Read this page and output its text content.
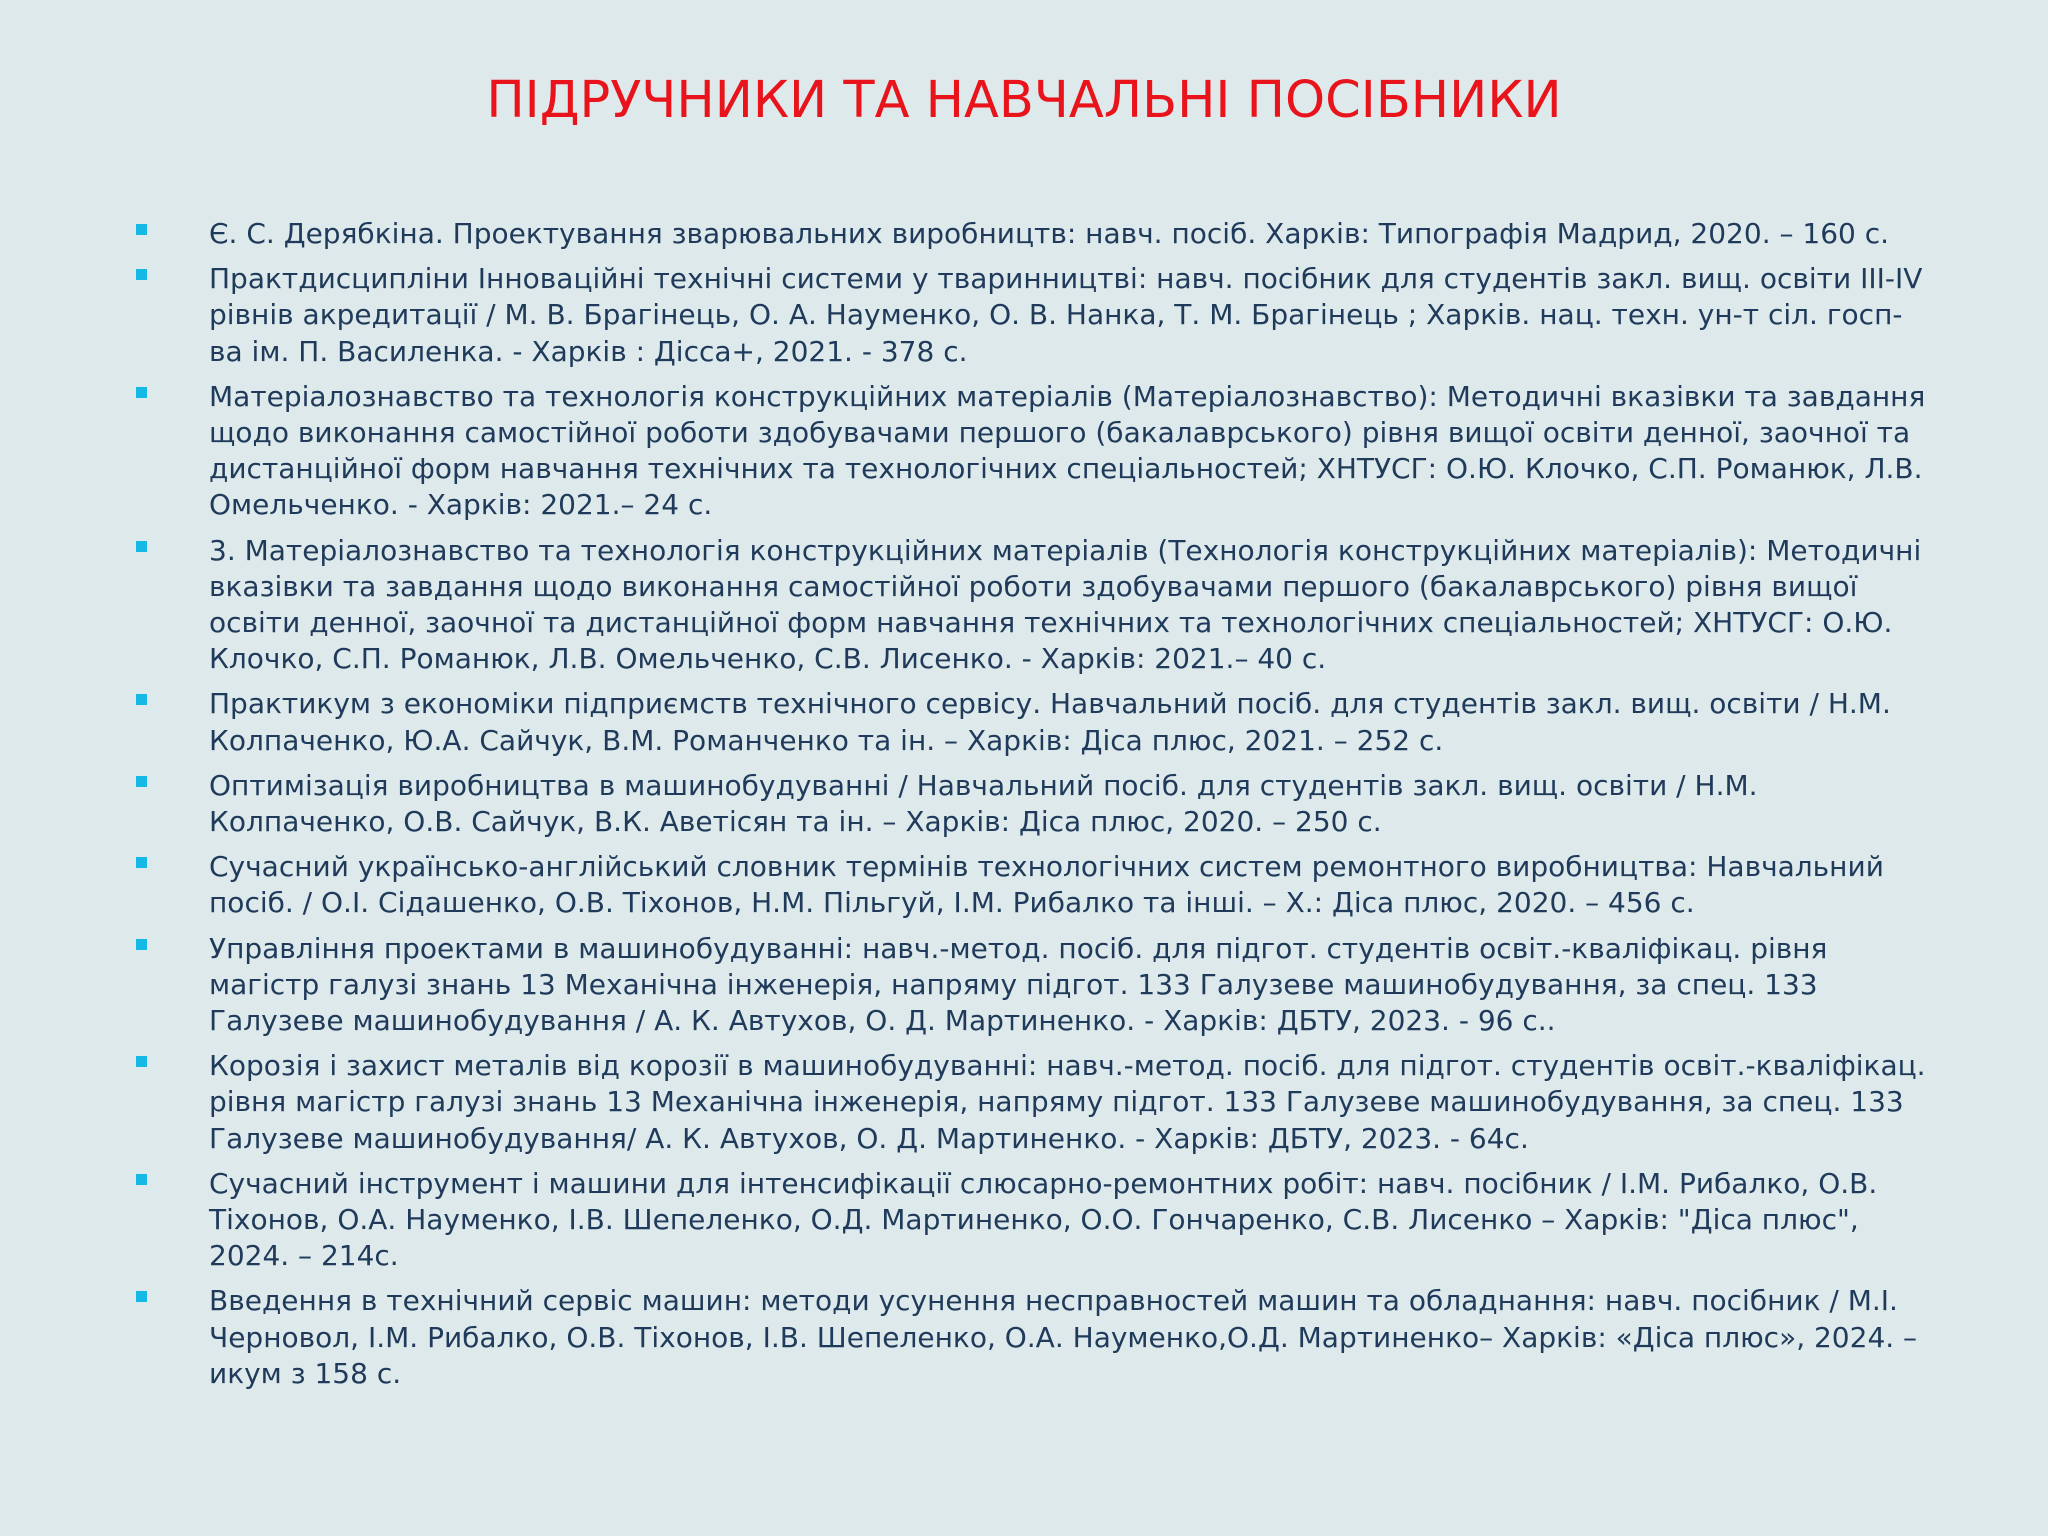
ПІДРУЧНИКИ ТА НАВЧАЛЬНІ ПОСІБНИКИ
Є. С. Дерябкіна. Проектування зварювальних виробництв: навч. посіб. Харків: Типографія Мадрид, 2020. – 160 с.
Практдисципліни Інноваційні технічні системи у тваринництві: навч. посібник для студентів закл. вищ. освіти ІІІ-IV рівнів акредитації / М. В. Брагінець, О. А. Науменко, О. В. Нанка, Т. М. Брагінець ; Харків. нац. техн. ун-т сіл. госп-ва ім. П. Василенка. - Харків : Дісса+, 2021. - 378 с.
Матеріалознавство та технологія конструкційних матеріалів (Матеріалознавство): Методичні вказівки та завдання щодо виконання самостійної роботи здобувачами першого (бакалаврського) рівня вищої освіти денної, заочної та дистанційної форм навчання технічних та технологічних спеціальностей; ХНТУСГ: О.Ю. Клочко, С.П. Романюк, Л.В. Омельченко. - Харків: 2021.– 24 с.
3. Матеріалознавство та технологія конструкційних матеріалів (Технологія конструкційних матеріалів): Методичні вказівки та завдання щодо виконання самостійної роботи здобувачами першого (бакалаврського) рівня вищої освіти денної, заочної та дистанційної форм навчання технічних та технологічних спеціальностей; ХНТУСГ: О.Ю. Клочко, С.П. Романюк, Л.В. Омельченко, С.В. Лисенко. - Харків: 2021.– 40 с.
Практикум з економіки підприємств технічного сервісу. Навчальний посіб. для студентів закл. вищ. освіти / Н.М. Колпаченко, Ю.А. Сайчук, В.М. Романченко та ін. – Харків: Діса плюс, 2021. – 252 с.
Оптимізація виробництва в машинобудуванні / Навчальний посіб. для студентів закл. вищ. освіти / Н.М. Колпаченко, О.В. Сайчук, В.К. Аветісян та ін. – Харків: Діса плюс, 2020. – 250 с.
Сучасний українсько-англійський словник термінів технологічних систем ремонтного виробництва: Навчальний посіб. / О.І. Сідашенко, О.В. Тіхонов, Н.М. Пільгуй, І.М. Рибалко та інші. – Х.: Діса плюс, 2020. – 456 с.
Управління проектами в машинобудуванні: навч.-метод. посіб. для підгот. студентів освіт.-кваліфікац. рівня магістр галузі знань 13 Механічна інженерія, напряму підгот. 133 Галузеве машинобудування, за спец. 133 Галузеве машинобудування / А. К. Автухов, О. Д. Мартиненко. - Харків: ДБТУ, 2023. - 96 с..
Корозія і захист металів від корозії в машинобудуванні: навч.-метод. посіб. для підгот. студентів освіт.-кваліфікац. рівня магістр галузі знань 13 Механічна інженерія, напряму підгот. 133 Галузеве машинобудування, за спец. 133 Галузеве машинобудування/ А. К. Автухов, О. Д. Мартиненко. - Харків: ДБТУ, 2023. - 64с.
Сучасний інструмент і машини для інтенсифікації слюсарно-ремонтних робіт: навч. посібник / І.М. Рибалко, О.В. Тіхонов, О.А. Науменко, І.В. Шепеленко, О.Д. Мартиненко, О.О. Гончаренко, С.В. Лисенко – Харків: "Діса плюс", 2024. – 214с.
Введення в технічний сервіс машин: методи усунення несправностей машин та обладнання: навч. посібник / М.І. Черновол, І.М. Рибалко, О.В. Тіхонов, І.В. Шепеленко, О.А. Науменко,О.Д. Мартиненко– Харків: «Діса плюс», 2024. – икум з 158 с.
